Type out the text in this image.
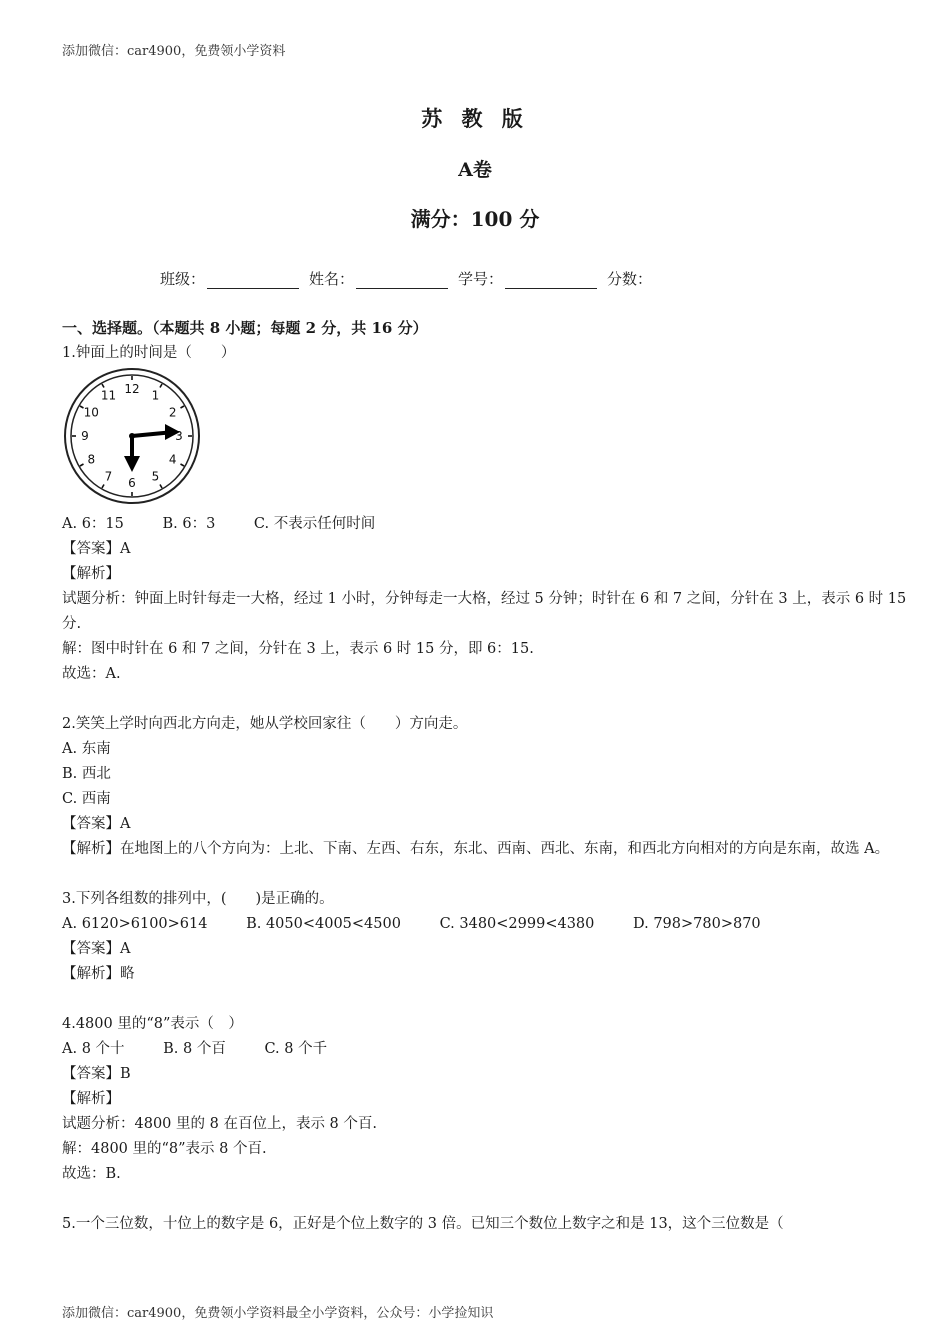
添加微信：car4900，免费领小学资料
苏 教 版
A卷
满分：100 分
班级：	姓名：	学号：	分数：
一、选择题。（本题共 8 小题；每题 2 分，共 16 分）
1.钟面上的时间是（　　）
12 1
2
3
4
5
6
7
8
9
10
11
A. 6：15	B. 6：3	C. 不表示任何时间
【答案】A
【解析】
试题分析：钟面上时针每走一大格，经过 1 小时，分钟每走一大格，经过 5 分钟；时针在 6 和 7 之间，分针在 3 上，表示 6 时 15 分.
解：图中时针在 6 和 7 之间，分针在 3 上，表示 6 时 15 分，即 6：15.
故选：A.
2.笑笑上学时向西北方向走，她从学校回家往（　　）方向走。
A. 东南
B. 西北
C. 西南
【答案】A
【解析】在地图上的八个方向为：上北、下南、左西、右东，东北、西南、西北、东南，和西北方向相对的方向是东南，故选 A。
3.下列各组数的排列中，(　　)是正确的。
A. 6120>6100>614	B. 4050<4005<4500	C. 3480<2999<4380	D. 798>780>870
【答案】A
【解析】略
4.4800 里的“8”表示（　）
A. 8 个十	B. 8 个百	C. 8 个千
【答案】B
【解析】
试题分析：4800 里的 8 在百位上，表示 8 个百.
解：4800 里的“8”表示 8 个百.
故选：B.
5.一个三位数，十位上的数字是 6，正好是个位上数字的 3 倍。已知三个数位上数字之和是 13，这个三位数是（
添加微信：car4900，免费领小学资料最全小学资料，公众号：小学捡知识
